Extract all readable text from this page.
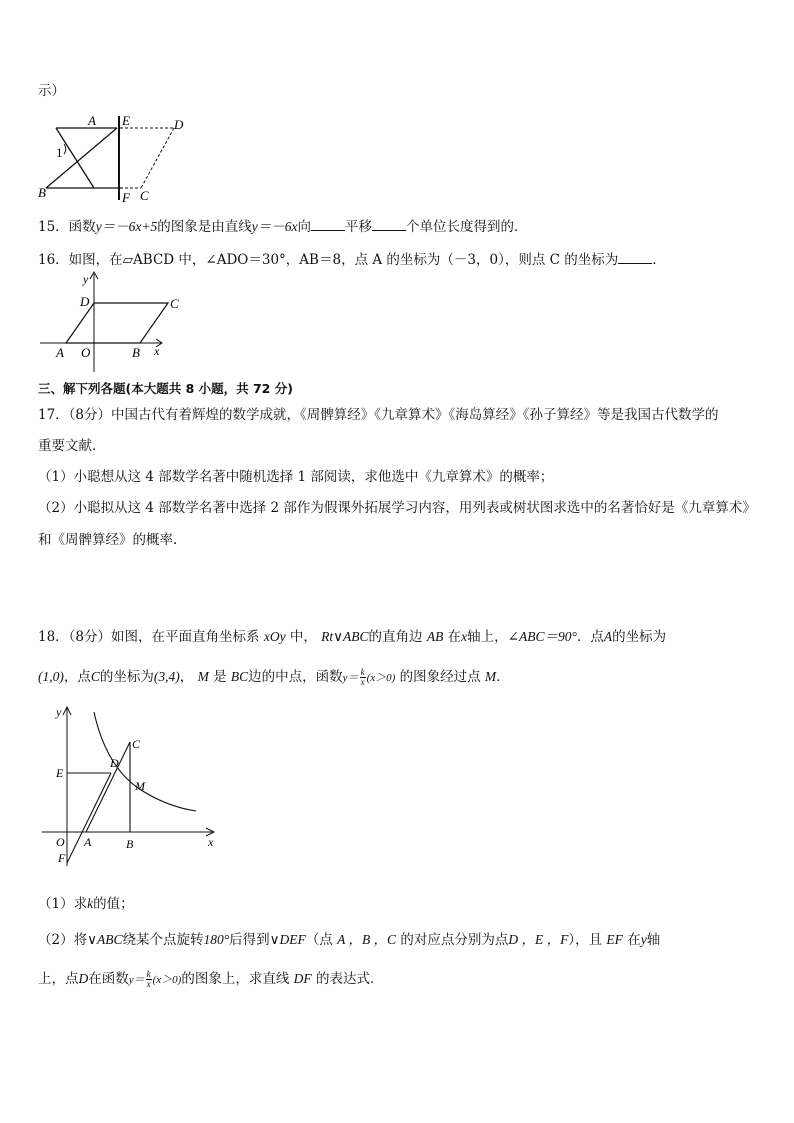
示）
A E	D
1
B	F C
15．函数y＝－6x+5的图象是由直线y＝－6x向	平移	个单位长度得到的．
16．如图，在▱ABCD 中，∠ADO＝30°，AB＝8，点 A 的坐标为（－3，0），则点 C 的坐标为	．
y
D	C
A O	B x
三、解下列各题(本大题共 8 小题，共 72 分)
17．（8分）中国古代有着辉煌的数学成就，《周髀算经》《九章算术》《海岛算经》《孙子算经》等是我国古代数学的
重要文献．
（1）小聪想从这 4 部数学名著中随机选择 1 部阅读，求他选中《九章算术》的概率；
（2）小聪拟从这 4 部数学名著中选择 2 部作为假课外拓展学习内容，用列表或树状图求选中的名著恰好是《九章算术》
和《周髀算经》的概率.
18．（8分）如图，在平面直角坐标系 xOy 中， Rt∨ABC的直角边 AB 在x轴上，∠ABC＝90°．点A的坐标为
(1,0)，点C的坐标为(3,4)， M 是 BC边的中点，函数$y= \frac{k}{x} (x>0)$ 的图象经过点 M．
y
C
D
E
M
O A	B	x
F
（1）求k的值；
（2）将∨ABC绕某个点旋转180°后得到∨DEF（点 A ，B ，C 的对应点分别为点D ，E ，F），且 EF 在y轴
上，点D在函数$y= \frac{k}{x} (x>0)$的图象上，求直线 DF 的表达式．
